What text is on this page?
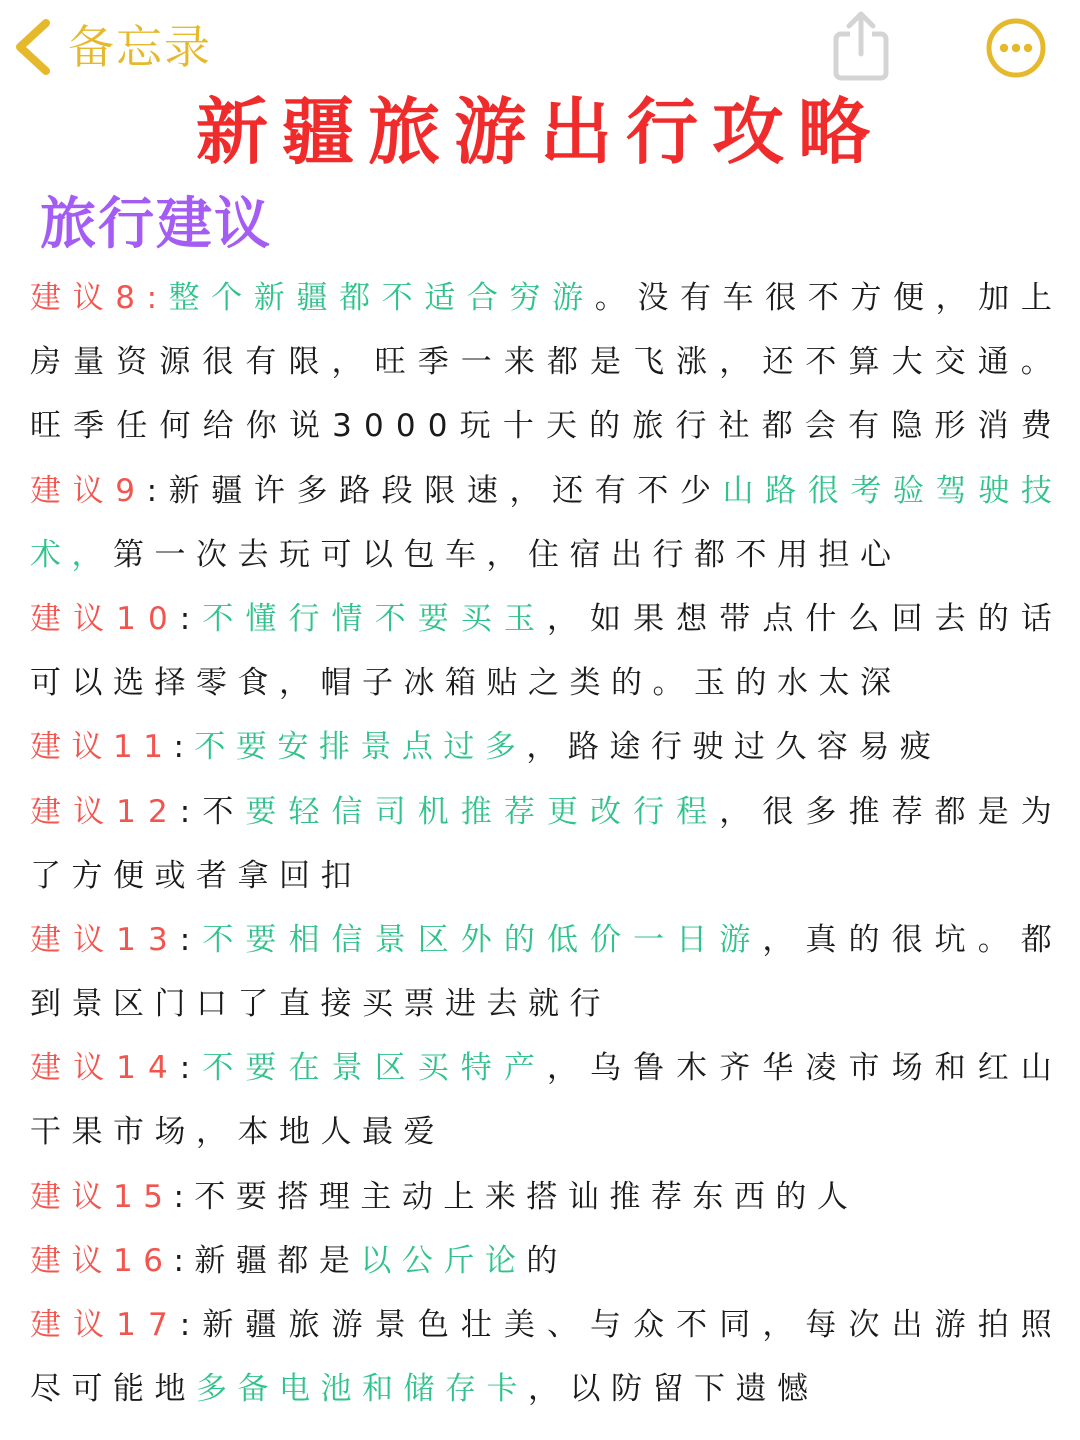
备忘录
新疆旅游出行攻略
旅行建议
建 议 8 : 整 个 新 疆 都 不 适 合 穷 游 。 没 有 车 很 不 方 便 ， 加 上
房 量 资 源 很 有 限 ， 旺 季 一 来 都 是 飞 涨 ， 还 不 算 大 交 通 。
旺 季 任 何 给 你 说 3 0 0 0 玩 十 天 的 旅 行 社 都 会 有 隐 形 消 费
建 议 9 : 新 疆 许 多 路 段 限 速 ， 还 有 不 少 山 路 很 考 验 驾 驶 技
术 ， 第 一 次 去 玩 可 以 包 车 ， 住 宿 出 行 都 不 用 担 心
建 议 1 0 : 不 懂 行 情 不 要 买 玉 ， 如 果 想 带 点 什 么 回 去 的 话
可 以 选 择 零 食 ， 帽 子 冰 箱 贴 之 类 的 。 玉 的 水 太 深
建 议 1 1 : 不 要 安 排 景 点 过 多 ， 路 途 行 驶 过 久 容 易 疲
建 议 1 2 : 不 要 轻 信 司 机 推 荐 更 改 行 程 ， 很 多 推 荐 都 是 为
了 方 便 或 者 拿 回 扣
建 议 1 3 : 不 要 相 信 景 区 外 的 低 价 一 日 游 ， 真 的 很 坑 。 都
到 景 区 门 口 了 直 接 买 票 进 去 就 行
建 议 1 4 : 不 要 在 景 区 买 特 产 ， 乌 鲁 木 齐 华 凌 市 场 和 红 山
干 果 市 场 ， 本 地 人 最 爱
建 议 1 5 : 不 要 搭 理 主 动 上 来 搭 讪 推 荐 东 西 的 人
建 议 1 6 : 新 疆 都 是 以 公 斤 论 的
建 议 1 7 : 新 疆 旅 游 景 色 壮 美 、 与 众 不 同 ， 每 次 出 游 拍 照
尽 可 能 地 多 备 电 池 和 储 存 卡 ， 以 防 留 下 遗 憾
